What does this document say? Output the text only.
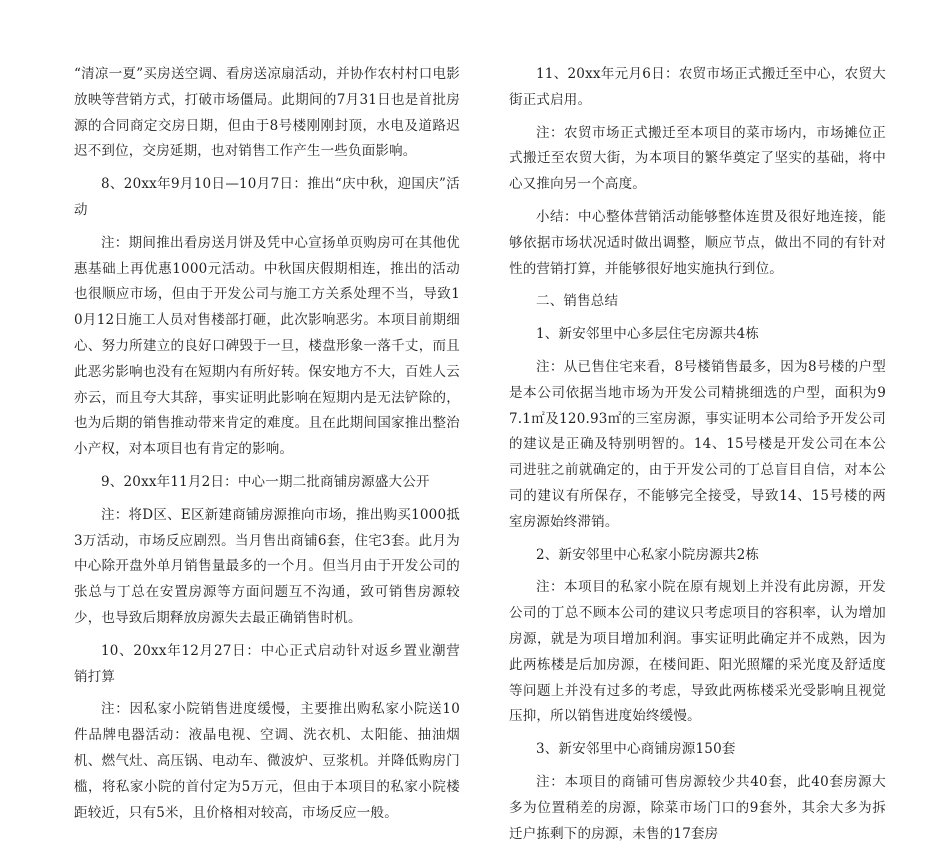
“清凉一夏”买房送空调、看房送凉扇活动，并协作农村村口电影放映等营销方式，打破市场僵局。此期间的7月31日也是首批房源的合同商定交房日期，但由于8号楼刚刚封顶，水电及道路迟迟不到位，交房延期，也对销售工作产生一些负面影响。

8、20xx年9月10日—10月7日：推出“庆中秋，迎国庆”活动

注：期间推出看房送月饼及凭中心宣扬单页购房可在其他优惠基础上再优惠1000元活动。中秋国庆假期相连，推出的活动也很顺应市场，但由于开发公司与施工方关系处理不当，导致10月12日施工人员对售楼部打砸，此次影响恶劣。本项目前期细心、努力所建立的良好口碑毁于一旦，楼盘形象一落千丈，而且此恶劣影响也没有在短期内有所好转。保安地方不大，百姓人云亦云，而且夸大其辞，事实证明此影响在短期内是无法铲除的，也为后期的销售推动带来肯定的难度。且在此期间国家推出整治小产权，对本项目也有肯定的影响。

9、20xx年11月2日：中心一期二批商铺房源盛大公开

注：将D区、E区新建商铺房源推向市场，推出购买1000抵3万活动，市场反应剧烈。当月售出商铺6套，住宅3套。此月为中心除开盘外单月销售量最多的一个月。但当月由于开发公司的张总与丁总在安置房源等方面问题互不沟通，致可销售房源较少，也导致后期释放房源失去最正确销售时机。

10、20xx年12月27日：中心正式启动针对返乡置业潮营销打算

注：因私家小院销售进度缓慢，主要推出购私家小院送10件品牌电器活动：液晶电视、空调、洗衣机、太阳能、抽油烟机、燃气灶、高压锅、电动车、微波炉、豆浆机。并降低购房门槛，将私家小院的首付定为5万元，但由于本项目的私家小院楼距较近，只有5米，且价格相对较高，市场反应一般。

11、20xx年元月6日：农贸市场正式搬迁至中心，农贸大街正式启用。

注：农贸市场正式搬迁至本项目的菜市场内，市场摊位正式搬迁至农贸大街，为本项目的繁华奠定了坚实的基础，将中心又推向另一个高度。

小结：中心整体营销活动能够整体连贯及很好地连接，能够依据市场状况适时做出调整，顺应节点，做出不同的有针对性的营销打算，并能够很好地实施执行到位。

二、销售总结

1、新安邻里中心多层住宅房源共4栋

注：从已售住宅来看，8号楼销售最多，因为8号楼的户型是本公司依据当地市场为开发公司精挑细选的户型，面积为97.1㎡及120.93㎡的三室房源，事实证明本公司给予开发公司的建议是正确及特别明智的。14、15号楼是开发公司在本公司进驻之前就确定的，由于开发公司的丁总盲目自信，对本公司的建议有所保存，不能够完全接受，导致14、15号楼的两室房源始终滞销。

2、新安邻里中心私家小院房源共2栋

注：本项目的私家小院在原有规划上并没有此房源，开发公司的丁总不顾本公司的建议只考虑项目的容积率，认为增加房源，就是为项目增加利润。事实证明此确定并不成熟，因为此两栋楼是后加房源，在楼间距、阳光照耀的采光度及舒适度等问题上并没有过多的考虑，导致此两栋楼采光受影响且视觉压抑，所以销售进度始终缓慢。

3、新安邻里中心商铺房源150套

注：本项目的商铺可售房源较少共40套，此40套房源大多为位置稍差的房源，除菜市场门口的9套外，其余大多为拆迁户拣剩下的房源，未售的17套房
